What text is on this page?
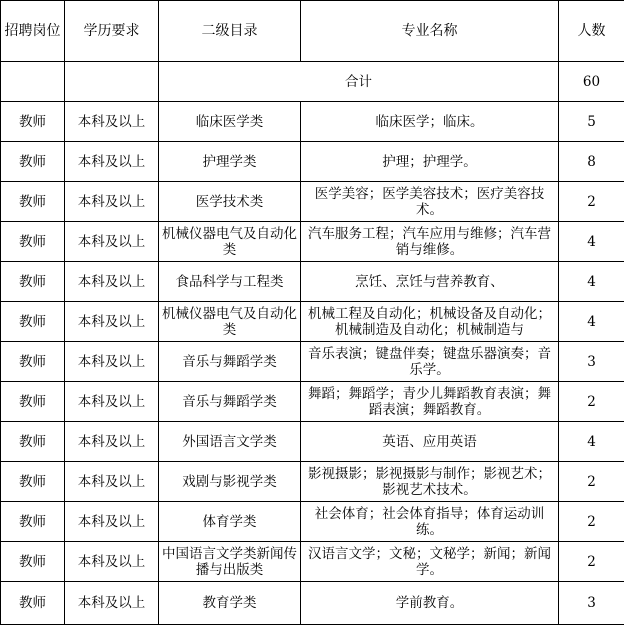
招聘岗位	学历要求	二级目录	专业名称	人数
		合计		60
教师	本科及以上	临床医学类	临床医学；临床。	5
教师	本科及以上	护理学类	护理；护理学。	8
教师	本科及以上	医学技术类	医学美容；医学美容技术；医疗美容技术。	2
教师	本科及以上	机械仪器电气及自动化类	汽车服务工程；汽车应用与维修；汽车营销与维修。	4
教师	本科及以上	食品科学与工程类	烹饪、烹饪与营养教育、	4
教师	本科及以上	机械仪器电气及自动化类	机械工程及自动化；机械设备及自动化；机械制造及自动化；机械制造与	4
教师	本科及以上	音乐与舞蹈学类	音乐表演；键盘伴奏；键盘乐器演奏；音乐学。	3
教师	本科及以上	音乐与舞蹈学类	舞蹈；舞蹈学；青少儿舞蹈教育表演；舞蹈表演；舞蹈教育。	2
教师	本科及以上	外国语言文学类	英语、应用英语	4
教师	本科及以上	戏剧与影视学类	影视摄影；影视摄影与制作；影视艺术；影视艺术技术。	2
教师	本科及以上	体育学类	社会体育；社会体育指导；体育运动训练。	2
教师	本科及以上	中国语言文学类新闻传播与出版类	汉语言文学；文秘；文秘学；新闻；新闻学。	2
教师	本科及以上	教育学类	学前教育。	3
